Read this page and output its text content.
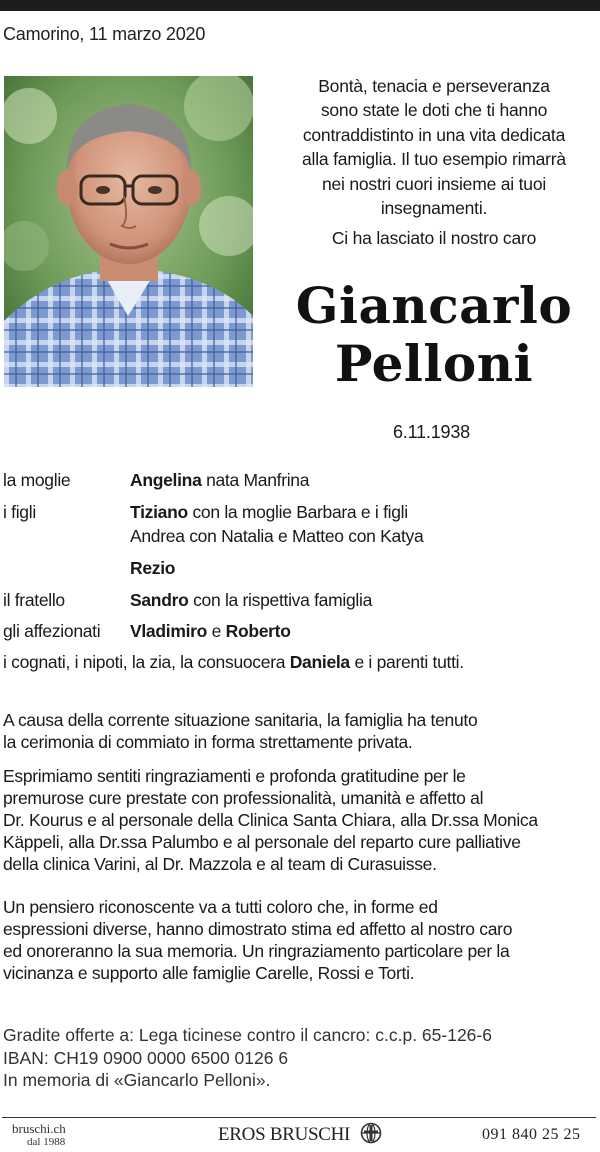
Camorino, 11 marzo 2020
Bontà, tenacia e perseveranza
sono state le doti che ti hanno
contraddistinto in una vita dedicata
alla famiglia. Il tuo esempio rimarrà
nei nostri cuori insieme ai tuoi
insegnamenti.
Ci ha lasciato il nostro caro
Giancarlo
Pelloni
6.11.1938
la moglie	Angelina nata Manfrina
i figli	Tiziano con la moglie Barbara e i figli
Andrea con Natalia e Matteo con Katya
Rezio
il fratello	Sandro con la rispettiva famiglia
gli affezionati Vladimiro e Roberto
i cognati, i nipoti, la zia, la consuocera Daniela e i parenti tutti.
A causa della corrente situazione sanitaria, la famiglia ha tenuto
la cerimonia di commiato in forma strettamente privata.
Esprimiamo sentiti ringraziamenti e profonda gratitudine per le
premurose cure prestate con professionalità, umanità e affetto al
Dr. Kourus e al personale della Clinica Santa Chiara, alla Dr.ssa Monica
Käppeli, alla Dr.ssa Palumbo e al personale del reparto cure palliative
della clinica Varini, al Dr. Mazzola e al team di Curasuisse.
Un pensiero riconoscente va a tutti coloro che, in forme ed
espressioni diverse, hanno dimostrato stima ed affetto al nostro caro
ed onoreranno la sua memoria. Un ringraziamento particolare per la
vicinanza e supporto alle famiglie Carelle, Rossi e Torti.
Gradite offerte a: Lega ticinese contro il cancro: c.c.p. 65-126-6
IBAN: CH19 0900 0000 6500 0126 6
In memoria di «Giancarlo Pelloni».
bruschi.ch
dal 1988	EROS BRUSCHI	091 840 25 25
